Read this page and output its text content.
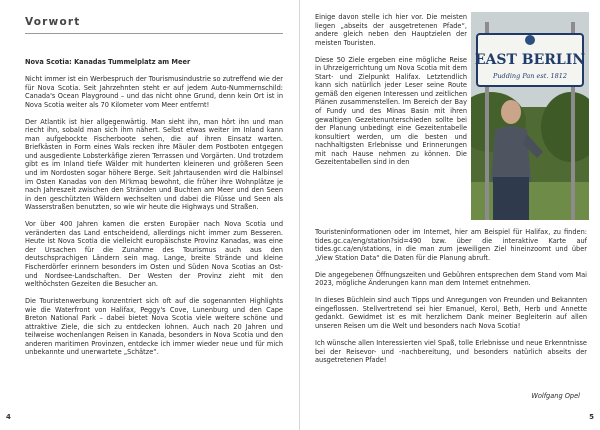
Vorwort

Nova Scotia: Kanadas Tummelplatz am Meer

Nicht immer ist ein Werbespruch der Tourismusindustrie so zutreffend wie der für Nova Scotia. Seit Jahrzehnten steht er auf jedem Auto-Nummernschild: Canada's Ocean Playground – und das nicht ohne Grund, denn kein Ort ist in Nova Scotia weiter als 70 Kilometer vom Meer entfernt!

Der Atlantik ist hier allgegenwärtig. Man sieht ihn, man hört ihn und man riecht ihn, sobald man sich ihm nähert. Selbst etwas weiter im Inland kann man aufgebockte Fischerboote sehen, die auf ihren Einsatz warten. Briefkästen in Form eines Wals recken ihre Mäuler dem Postboten entgegen und ausgediente Lobsterkäfige zieren Terrassen und Vorgärten. Und trotzdem gibt es im Inland tiefe Wälder mit hunderten kleineren und größeren Seen und im Nordosten sogar höhere Berge. Seit Jahrtausenden wird die Halbinsel im Osten Kanadas von den Mi'kmaq bewohnt, die früher ihre Wohnplätze je nach Jahreszeit zwischen den Stränden und Buchten am Meer und den Seen in den geschützten Wäldern wechselten und dabei die Flüsse und Seen als Wasserstraßen benutzten, so wie wir heute die Highways und Straßen.

Vor über 400 Jahren kamen die ersten Europäer nach Nova Scotia und veränderten das Land entscheidend, allerdings nicht immer zum Besseren. Heute ist Nova Scotia die vielleicht europäischste Provinz Kanadas, was eine der Ursachen für die Zunahme des Tourismus auch aus den deutschsprachigen Ländern sein mag. Lange, breite Strände und kleine Fischerdörfer erinnern besonders im Osten und Süden Nova Scotias an Ost- und Nordsee-Landschaften. Der Westen der Provinz zieht mit den welthöchsten Gezeiten die Besucher an.

Die Touristenwerbung konzentriert sich oft auf die sogenannten Highlights wie die Waterfront von Halifax, Peggy's Cove, Lunenburg und den Cape Breton National Park – dabei bietet Nova Scotia viele weitere schöne und attraktive Ziele, die sich zu entdecken lohnen. Auch nach 20 Jahren und teilweise wochenlangen Reisen in Kanada, besonders in Nova Scotia und den anderen maritimen Provinzen, entdecke ich immer wieder neue und für mich unbekannte und unerwartete „Schätze“.

4

Einige davon stelle ich hier vor. Die meisten liegen „abseits der ausgetretenen Pfade“, andere gleich neben den Hauptzielen der meisten Touristen.

Diese 50 Ziele ergeben eine mögliche Reise in Uhrzeigerrichtung um Nova Scotia mit dem Start- und Zielpunkt Halifax. Letztendlich kann sich natürlich jeder Leser seine Route gemäß den eigenen Interessen und zeitlichen Plänen zusammenstellen. Im Bereich der Bay of Fundy und des Minas Basin mit ihren gewaltigen Gezeitenunterschieden sollte bei der Planung unbedingt eine Gezeitentabelle konsultiert werden, um die besten und nachhaltigsten Erlebnisse und Erinnerungen mit nach Hause nehmen zu können. Die Gezeitentabellen sind in den

EAST BERLIN
Pudding Pan est. 1812

Touristeninformationen oder im Internet, hier am Beispiel für Halifax, zu finden: tides.gc.ca/eng/station?sid=490 bzw. über die interaktive Karte auf tides.gc.ca/en/stations, in die man zum jeweiligen Ziel hineinzoomt und über „View Station Data“ die Daten für die Planung abruft.

Die angegebenen Öffnungszeiten und Gebühren entsprechen dem Stand vom Mai 2023, mögliche Änderungen kann man dem Internet entnehmen.

In dieses Büchlein sind auch Tipps und Anregungen von Freunden und Bekannten eingeflossen. Stellvertretend sei hier Emanuel, Kerol, Beth, Herb und Annette gedankt. Gewidmet ist es mit herzlichem Dank meiner Begleiterin auf allen unseren Reisen um die Welt und besonders nach Nova Scotia!

Ich wünsche allen Interessierten viel Spaß, tolle Erlebnisse und neue Erkenntnisse bei der Reisevor- und -nachbereitung, und besonders natürlich abseits der ausgetretenen Pfade!

Wolfgang Opel
5
